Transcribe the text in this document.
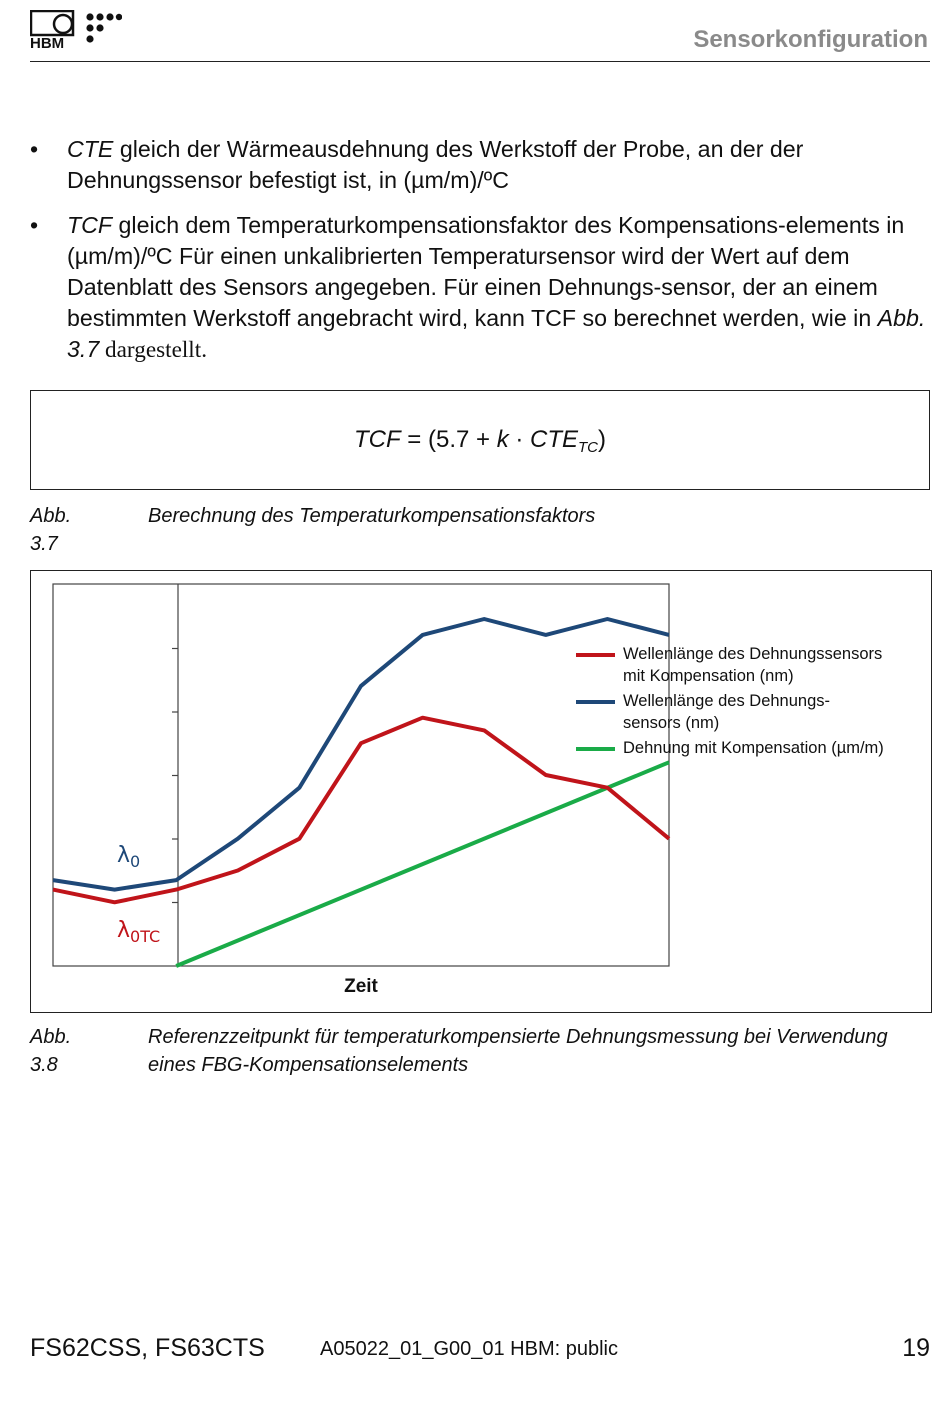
HBM	Sensorkonfiguration
• CTE gleich der Wärmeausdehnung des Werkstoff der Probe, an der der Dehnungssensor befestigt ist, in (µm/m)/ºC
• TCF gleich dem Temperaturkompensationsfaktor des Kompensations-elements in (µm/m)/ºC Für einen unkalibrierten Temperatursensor wird der Wert auf dem Datenblatt des Sensors angegeben. Für einen Dehnungs-sensor, der an einem bestimmten Werkstoff angebracht wird, kann TCF so berechnet werden, wie in Abb. 3.7 dargestellt.
TCF = $(5.7 + k \cdot CTE_{TC})$
Abb. 3.7
Berechnung des Temperaturkompensationsfaktors
Wellenlänge des Dehnungssensors
mit Kompensation (nm)
Wellenlänge des Dehnungs-
sensors (nm)
Dehnung mit Kompensation (µm/m)
$\lambda_0$
$\lambda_{0TC}$
Zeit
Abb. 3.8
Referenzzeitpunkt für temperaturkompensierte Dehnungsmessung bei Verwendung eines FBG-Kompensationselements
FS62CSS, FS63CTS	A05022_01_G00_01 HBM: public	19
